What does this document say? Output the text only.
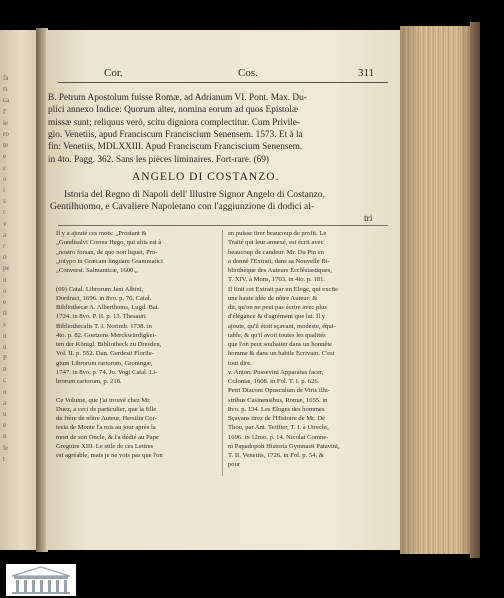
fa
ri
ca
l'
ie
ro
te
e
c
o
i
s
r
v
a
r
o
pe
n
o
e
ti
s
n
u
P
n
c
o
a
u
e
n
le
t
Cor.	Cos.	311
B. Petrum Apostolum fuisse Romæ, ad Adrianum VI. Pont. Max. Du-
plici annexo Indice: Quorum alter, nomina eorum ad quos Epistolæ
missæ sunt; reliquus verò, scitu digniora complectitur. Cum Privile-
gio. Venetiis, apud Franciscum Franciscium Senensem. 1573. Et à la
fin: Venetiis, MDLXXIII. Apud Franciscum Franciscium Senensem.
in 4to. Pagg. 362. Sans les pièces liminaires. Fort-rare. (69)
ANGELO DI COSTANZO.
Istoria del Regno di Napoli dell' Illustre Signor Angelo di Costanzo,
Gentilhuomo, e Cavaliere Napoletano con l'aggiunzione di dodici al-
tri
Il y a ajouté ces mots: „Prostant &
„Gundisalvi Correa Hego, qui aliis est à
„nostro forsan, de quo non liquet, Pro-
„totypo in Græcam linguam Grammatici
„Conversi. Salmanticæ, 1600.„
(69) Catal. Librorum Jani Albini,
Dordraci, 1696. in 8vo. p. 76. Catal.
Bibliothecæ A. Alberthoms, Lugd. Bat.
1724. in 8vo. P. II. p. 13. Thesauri
Bibliothecalis T. I. Norimb. 1738. in
4to. p. 82. Goetzens Merckwürdigkei-
ten der Königl. Bibliotheck zu Dresden,
Vol. II. p. 552. Dan. Gerdesii Florile-
gium Librorum rariorum, Groningæ,
1747. in 8vo. p. 74. Jo. Vogt Catal. Li-
brorum rariorum, p. 218.
Ce Volume, que j'ai trouvé chez Mr.
Duez, a ceci de particulier, que la fille
du frère de nôtre Auteur, Hersilia Cor-
tesia de Monte l'a mis au jour après la
mort de son Oncle, & l'a dédié au Pape
Gregoire XIII. Le stile de ces Lettres
est agréable, mais je ne vois pas que l'on
en puisse tirer beaucoup de profit. Le
Traité qui leur annexé, est écrit avec
beaucoup de candeur. Mr. Du Pin en
a donné l'Extrait, dans sa Nouvelle Bi-
bliothèque des Auteurs Ecclésiastiques,
T. XIV. à Mons, 1703. in 4to. p. 181.
Il finit cet Extrait par un Eloge, qui excite
une haute idée de nôtre Auteur: &
dit, qu'on ne peut pas écrire avec plus
d'élégance & d'agrément que lui. Il y
ajoute, qu'il étoit sçavant, modeste, équi-
table, & qu'il avoit toutes les qualités
que l'on peut souhaiter dans un honnête
homme & dans un habile Ecrivain. C'est
tout dire.
v. Anton. Possevini Apparatus facer,
Coloniæ, 1608. in Fol. T. I. p. 626.
Petri Diaconi Opusculum de Viris illu-
stribus Casinensibus, Romæ, 1655. in
8vo. p. 134. Les Eloges des hommes
Sçavans tirez de l'Histoire de Mr. De
Thou, par Ant. Teiffier, T. I. à Utrecht,
1696. in 12mo. p. 14. Nicolai Comne-
ni Papadopoli Historia Gymnasii Patavini,
T. II. Venetiis, 1726. in Fol. p. 54. &
pour
